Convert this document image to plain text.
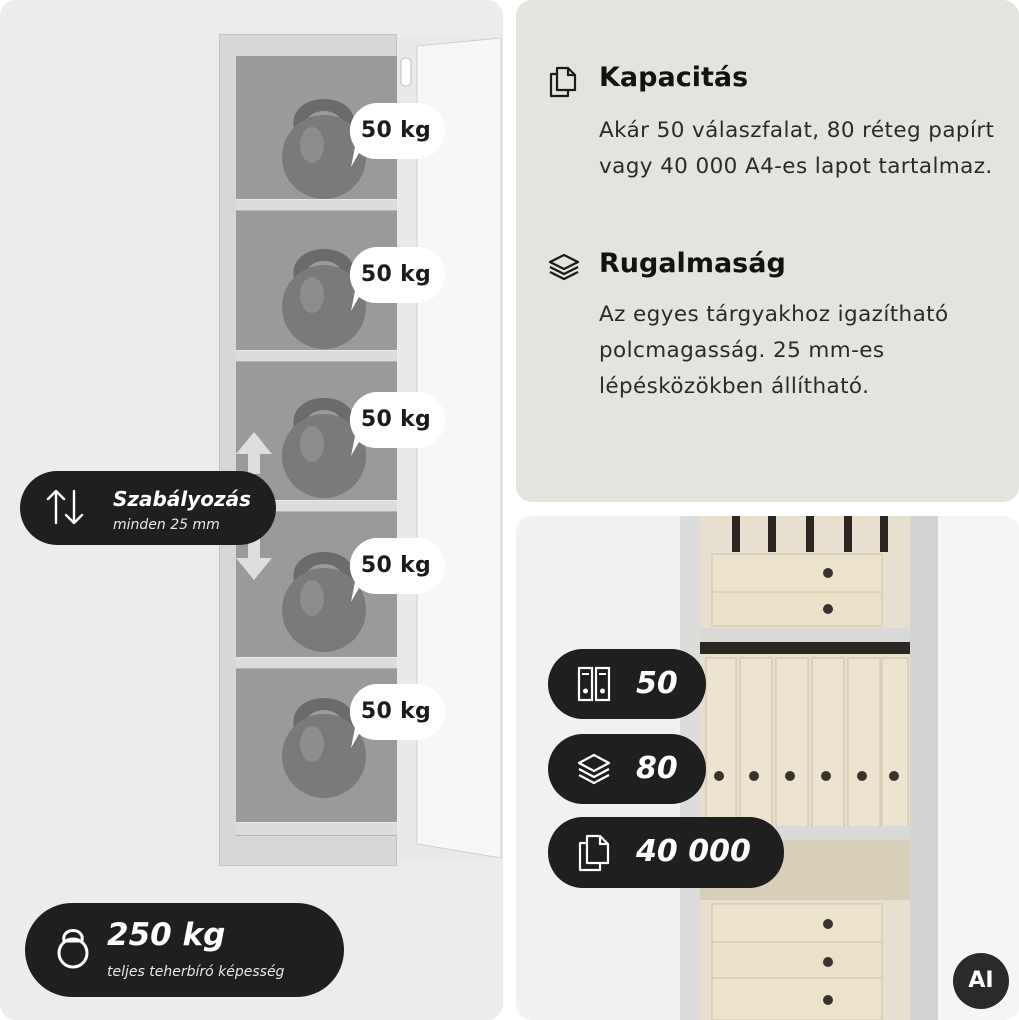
50 kg
50 kg
50 kg
50 kg
50 kg
Szabályozás
minden 25 mm
250 kg
teljes teherbíró képesség
Kapacitás
Akár 50 válaszfalat, 80 réteg papírt vagy 40 000 A4-es lapot tartalmaz.
Rugalmaság
Az egyes tárgyakhoz igazítható polcmagasság. 25 mm-es lépésközökben állítható.
50
80
40 000
AI
